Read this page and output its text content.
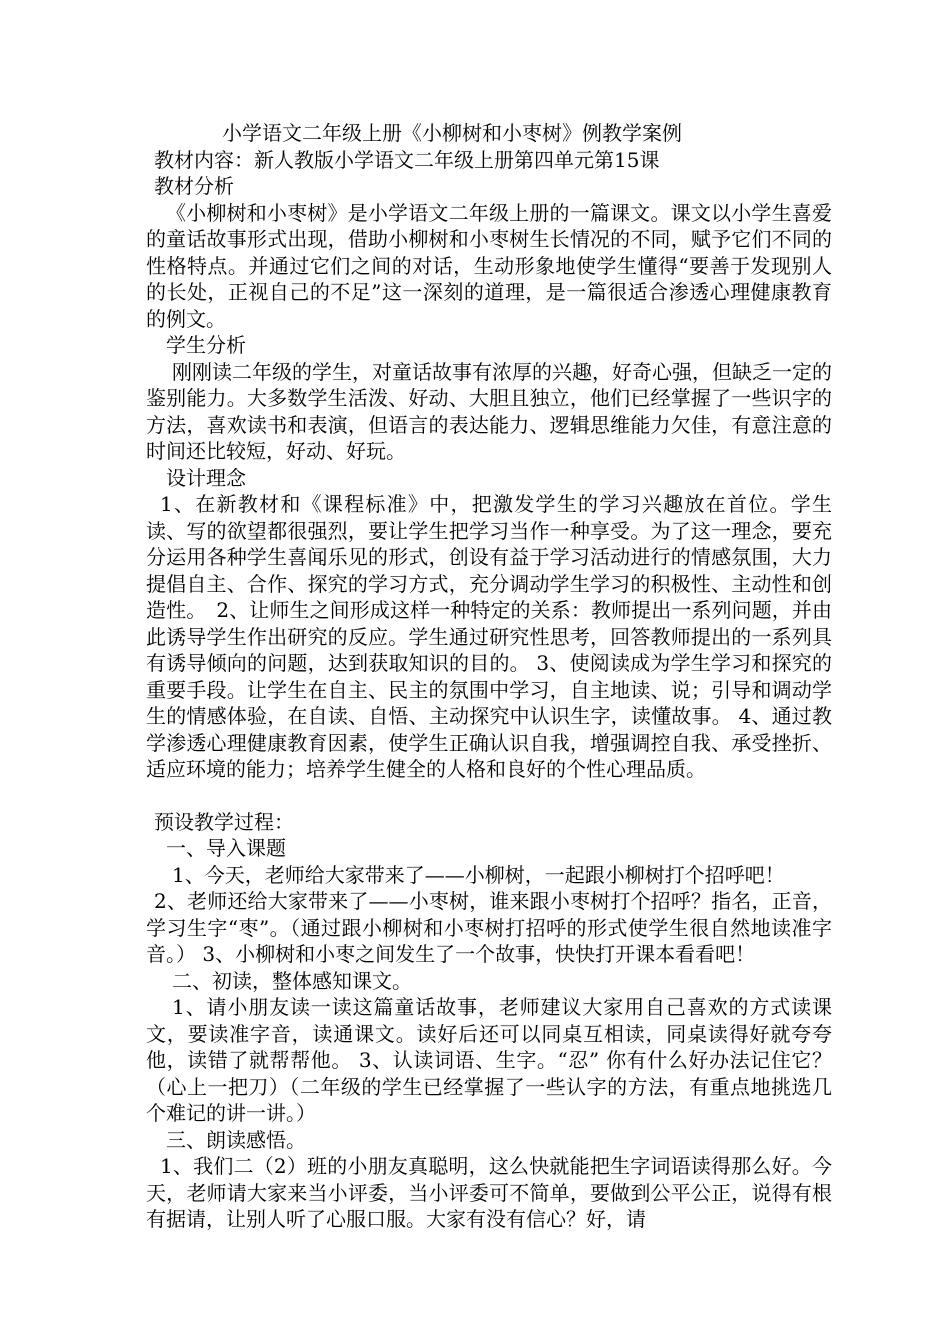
小学语文二年级上册《小柳树和小枣树》例教学案例
教材内容：新人教版小学语文二年级上册第四单元第15课
教材分析
《小柳树和小枣树》是小学语文二年级上册的一篇课文。课文以小学生喜爱的童话故事形式出现，借助小柳树和小枣树生长情况的不同，赋予它们不同的性格特点。并通过它们之间的对话，生动形象地使学生懂得“要善于发现别人的长处，正视自己的不足”这一深刻的道理，是一篇很适合渗透心理健康教育的例文。
学生分析
刚刚读二年级的学生，对童话故事有浓厚的兴趣，好奇心强，但缺乏一定的鉴别能力。大多数学生活泼、好动、大胆且独立，他们已经掌握了一些识字的方法，喜欢读书和表演，但语言的表达能力、逻辑思维能力欠佳，有意注意的时间还比较短，好动、好玩。
设计理念
1、在新教材和《课程标准》中，把激发学生的学习兴趣放在首位。学生读、写的欲望都很强烈，要让学生把学习当作一种享受。为了这一理念，要充分运用各种学生喜闻乐见的形式，创设有益于学习活动进行的情感氛围，大力提倡自主、合作、探究的学习方式，充分调动学生学习的积极性、主动性和创造性。　2、让师生之间形成这样一种特定的关系：教师提出一系列问题，并由此诱导学生作出研究的反应。学生通过研究性思考，回答教师提出的一系列具有诱导倾向的问题，达到获取知识的目的。 3、使阅读成为学生学习和探究的重要手段。让学生在自主、民主的氛围中学习，自主地读、说；引导和调动学生的情感体验，在自读、自悟、主动探究中认识生字，读懂故事。 4、通过教学渗透心理健康教育因素，使学生正确认识自我，增强调控自我、承受挫折、适应环境的能力；培养学生健全的人格和良好的个性心理品质。
预设教学过程：
一、导入课题
1、今天，老师给大家带来了——小柳树，一起跟小柳树打个招呼吧！
2、老师还给大家带来了——小枣树，谁来跟小枣树打个招呼？指名，正音，学习生字“枣”。（通过跟小柳树和小枣树打招呼的形式使学生很自然地读准字音。） 3、小柳树和小枣之间发生了一个故事，快快打开课本看看吧！
二、初读，整体感知课文。
1、请小朋友读一读这篇童话故事，老师建议大家用自己喜欢的方式读课文，要读准字音，读通课文。读好后还可以同桌互相读，同桌读得好就夸夸他，读错了就帮帮他。 3、认读词语、生字。“忍” 你有什么好办法记住它？（心上一把刀）（二年级的学生已经掌握了一些认字的方法，有重点地挑选几个难记的讲一讲。）
三、朗读感悟。
1、我们二（2）班的小朋友真聪明，这么快就能把生字词语读得那么好。今天，老师请大家来当小评委，当小评委可不简单，要做到公平公正，说得有根有据请，让别人听了心服口服。大家有没有信心？好，请
